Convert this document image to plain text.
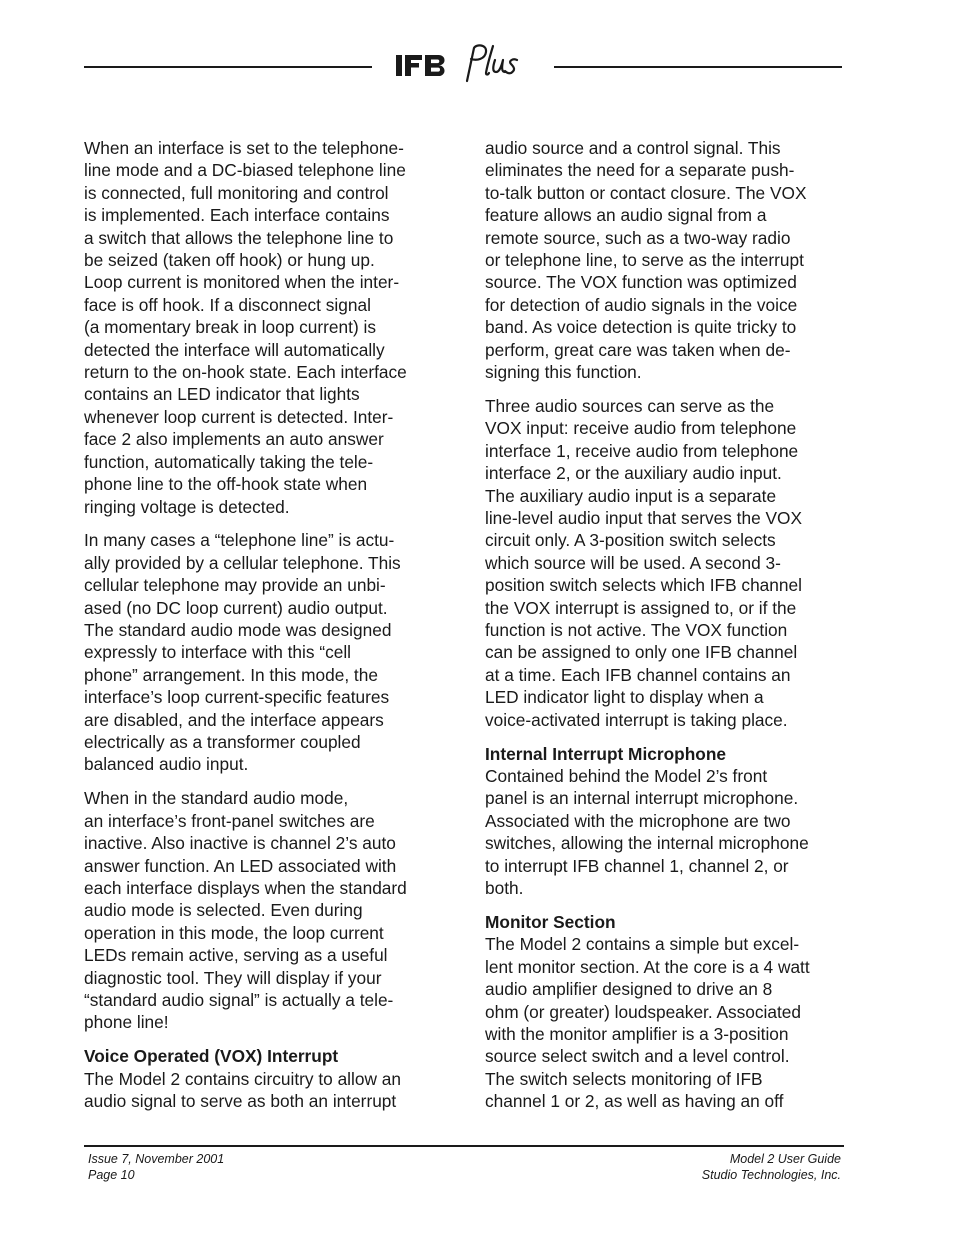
When an interface is set to the telephone-
line mode and a DC-biased telephone line
is connected, full monitoring and control
is implemented. Each interface contains
a switch that allows the telephone line to
be seized (taken off hook) or hung up.
Loop current is monitored when the inter-
face is off hook. If a disconnect signal
(a momentary break in loop current) is
detected the interface will automatically
return to the on-hook state. Each interface
contains an LED indicator that lights
whenever loop current is detected. Inter-
face 2 also implements an auto answer
function, automatically taking the tele-
phone line to the off-hook state when
ringing voltage is detected.

In many cases a “telephone line” is actu-
ally provided by a cellular telephone. This
cellular telephone may provide an unbi-
ased (no DC loop current) audio output.
The standard audio mode was designed
expressly to interface with this “cell
phone” arrangement. In this mode, the
interface’s loop current-specific features
are disabled, and the interface appears
electrically as a transformer coupled
balanced audio input.

When in the standard audio mode,
an interface’s front-panel switches are
inactive. Also inactive is channel 2’s auto
answer function. An LED associated with
each interface displays when the standard
audio mode is selected. Even during
operation in this mode, the loop current
LEDs remain active, serving as a useful
diagnostic tool. They will display if your
“standard audio signal” is actually a tele-
phone line!

Voice Operated (VOX) Interrupt

The Model 2 contains circuitry to allow an
audio signal to serve as both an interrupt

audio source and a control signal. This
eliminates the need for a separate push-
to-talk button or contact closure. The VOX
feature allows an audio signal from a
remote source, such as a two-way radio
or telephone line, to serve as the interrupt
source. The VOX function was optimized
for detection of audio signals in the voice
band. As voice detection is quite tricky to
perform, great care was taken when de-
signing this function.

Three audio sources can serve as the
VOX input: receive audio from telephone
interface 1, receive audio from telephone
interface 2, or the auxiliary audio input.
The auxiliary audio input is a separate
line-level audio input that serves the VOX
circuit only. A 3-position switch selects
which source will be used. A second 3-
position switch selects which IFB channel
the VOX interrupt is assigned to, or if the
function is not active. The VOX function
can be assigned to only one IFB channel
at a time. Each IFB channel contains an
LED indicator light to display when a
voice-activated interrupt is taking place.

Internal Interrupt Microphone

Contained behind the Model 2’s front
panel is an internal interrupt microphone.
Associated with the microphone are two
switches, allowing the internal microphone
to interrupt IFB channel 1, channel 2, or
both.

Monitor Section

The Model 2 contains a simple but excel-
lent monitor section. At the core is a 4 watt
audio amplifier designed to drive an 8
ohm (or greater) loudspeaker. Associated
with the monitor amplifier is a 3-position
source select switch and a level control.
The switch selects monitoring of IFB
channel 1 or 2, as well as having an off

Issue 7, November 2001
Page 10
Model 2 User Guide
Studio Technologies, Inc.
